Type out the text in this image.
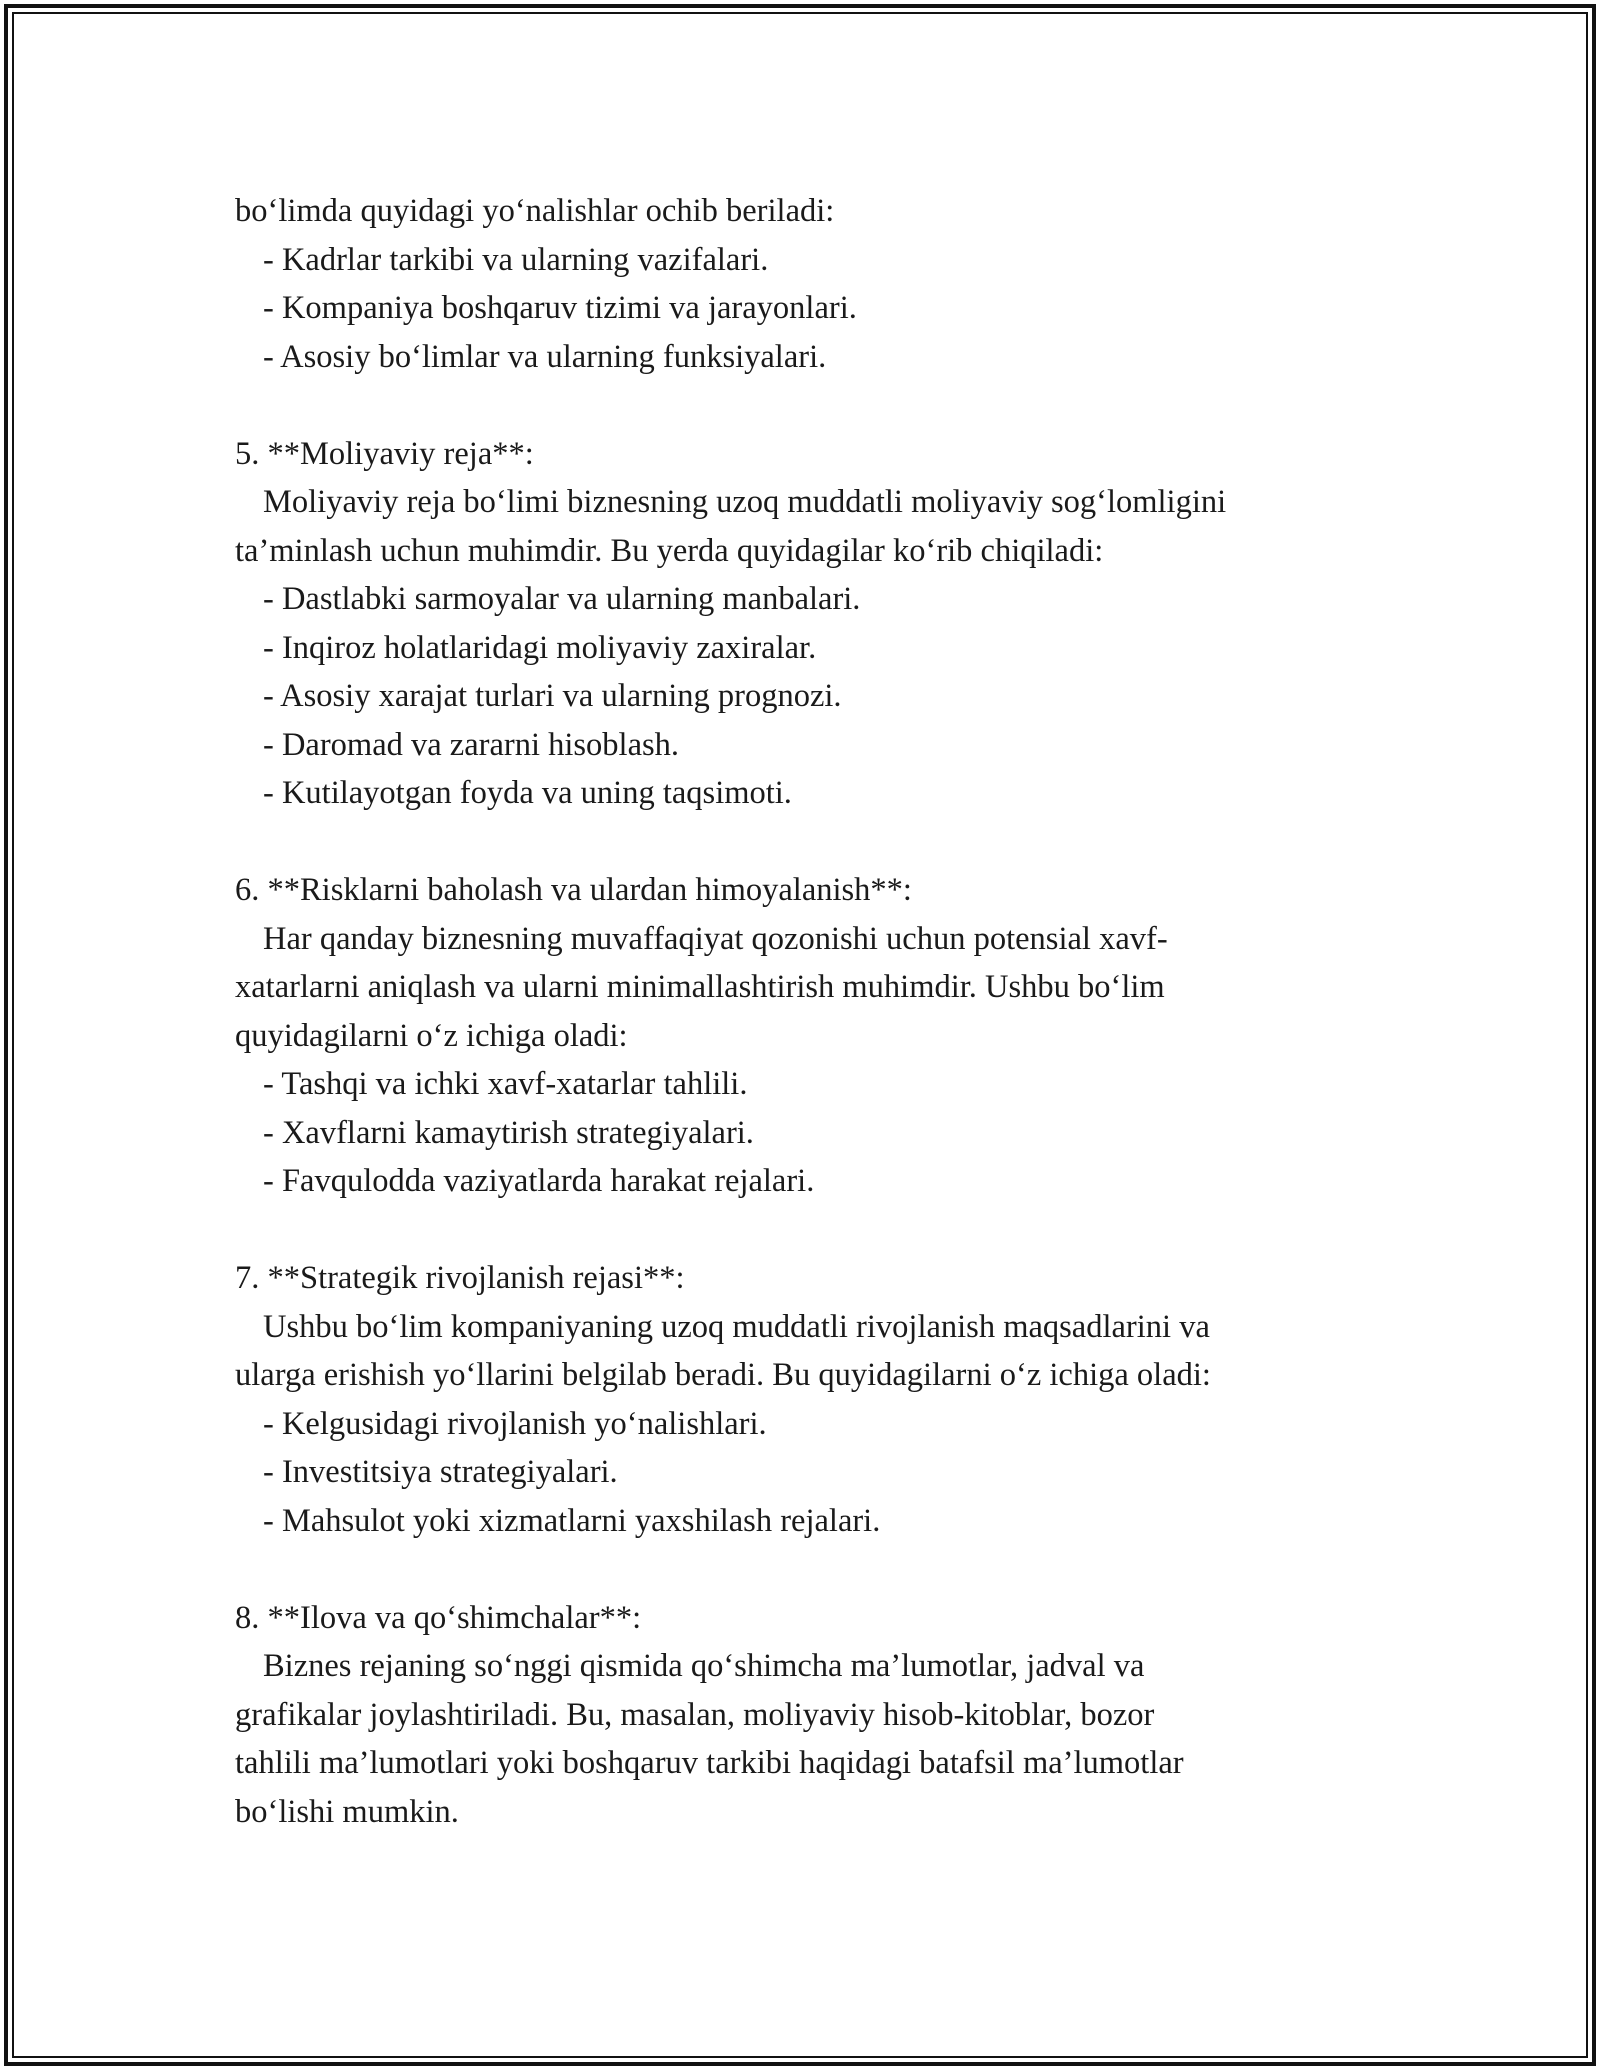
bo‘limda quyidagi yo‘nalishlar ochib beriladi:
- Kadrlar tarkibi va ularning vazifalari.
- Kompaniya boshqaruv tizimi va jarayonlari.
- Asosiy bo‘limlar va ularning funksiyalari.
5. **Moliyaviy reja**:
Moliyaviy reja bo‘limi biznesning uzoq muddatli moliyaviy sog‘lomligini
ta’minlash uchun muhimdir. Bu yerda quyidagilar ko‘rib chiqiladi:
- Dastlabki sarmoyalar va ularning manbalari.
- Inqiroz holatlaridagi moliyaviy zaxiralar.
- Asosiy xarajat turlari va ularning prognozi.
- Daromad va zararni hisoblash.
- Kutilayotgan foyda va uning taqsimoti.
6. **Risklarni baholash va ulardan himoyalanish**:
Har qanday biznesning muvaffaqiyat qozonishi uchun potensial xavf-
xatarlarni aniqlash va ularni minimallashtirish muhimdir. Ushbu bo‘lim
quyidagilarni o‘z ichiga oladi:
- Tashqi va ichki xavf-xatarlar tahlili.
- Xavflarni kamaytirish strategiyalari.
- Favqulodda vaziyatlarda harakat rejalari.
7. **Strategik rivojlanish rejasi**:
Ushbu bo‘lim kompaniyaning uzoq muddatli rivojlanish maqsadlarini va
ularga erishish yo‘llarini belgilab beradi. Bu quyidagilarni o‘z ichiga oladi:
- Kelgusidagi rivojlanish yo‘nalishlari.
- Investitsiya strategiyalari.
- Mahsulot yoki xizmatlarni yaxshilash rejalari.
8. **Ilova va qo‘shimchalar**:
Biznes rejaning so‘nggi qismida qo‘shimcha ma’lumotlar, jadval va
grafikalar joylashtiriladi. Bu, masalan, moliyaviy hisob-kitoblar, bozor
tahlili ma’lumotlari yoki boshqaruv tarkibi haqidagi batafsil ma’lumotlar
bo‘lishi mumkin.
